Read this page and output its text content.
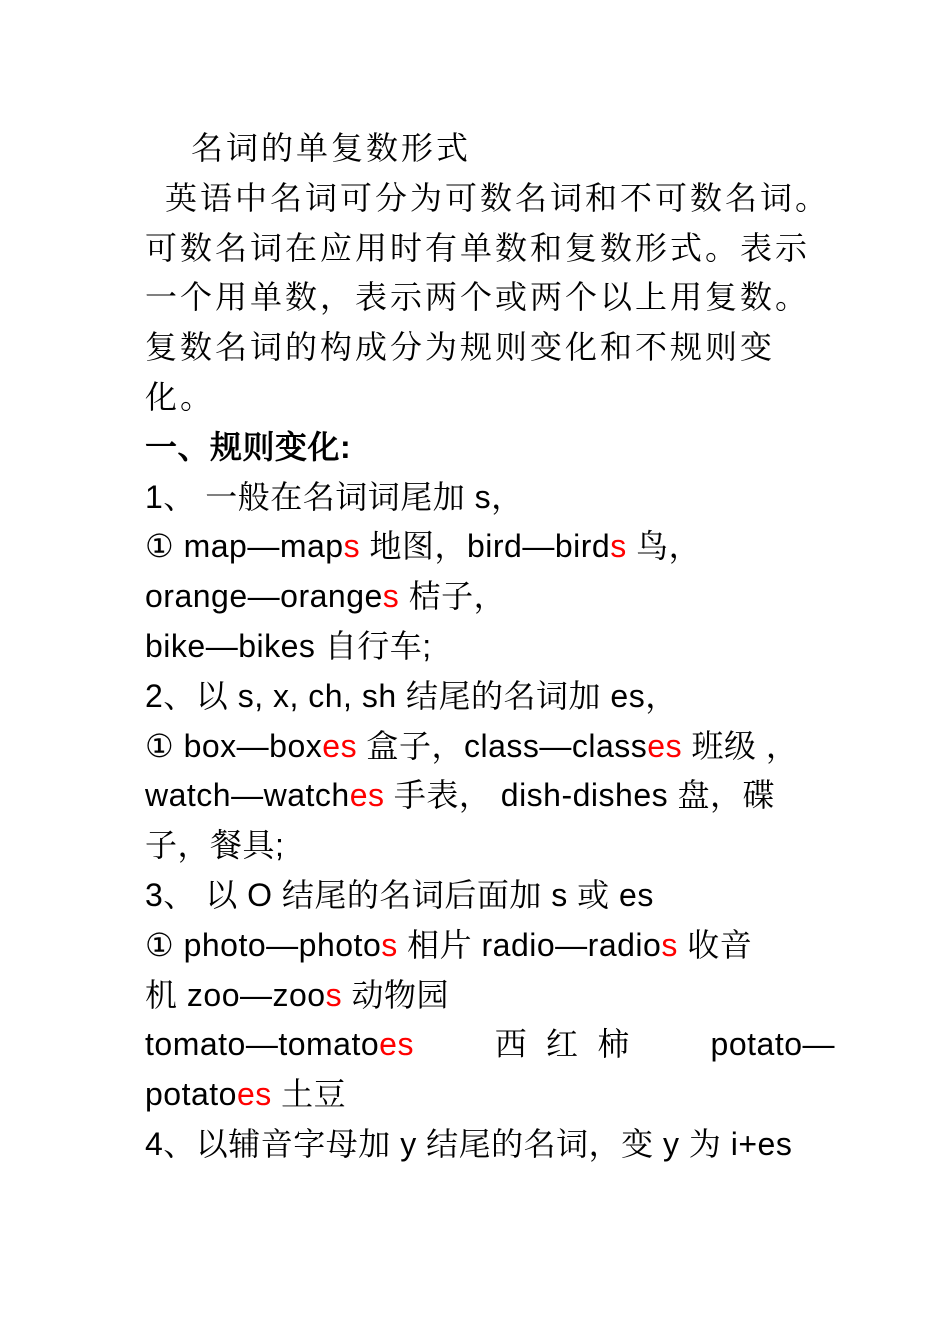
名词的单复数形式
英语中名词可分为可数名词和不可数名词。
可数名词在应用时有单数和复数形式。表示
一个用单数，表示两个或两个以上用复数。
复数名词的构成分为规则变化和不规则变
化。
一、规则变化:
1、 一般在名词词尾加 s，
① map—maps 地图，bird—birds 鸟，
orange—oranges 桔子，
bike—bikes 自行车;
2、以 s, x, ch, sh 结尾的名词加 es，
① box—boxes 盒子，class—classes 班级 ，
watch—watches 手表， dish-dishes 盘，碟
子，餐具;
3、 以 O 结尾的名词后面加 s 或 es
① photo—photos 相片 radio—radios 收音
机 zoo—zoos 动物园
tomato—tomatoes	西  红  柿	potato—
potatoes 土豆
4、以辅音字母加 y 结尾的名词，变 y 为 i+es
